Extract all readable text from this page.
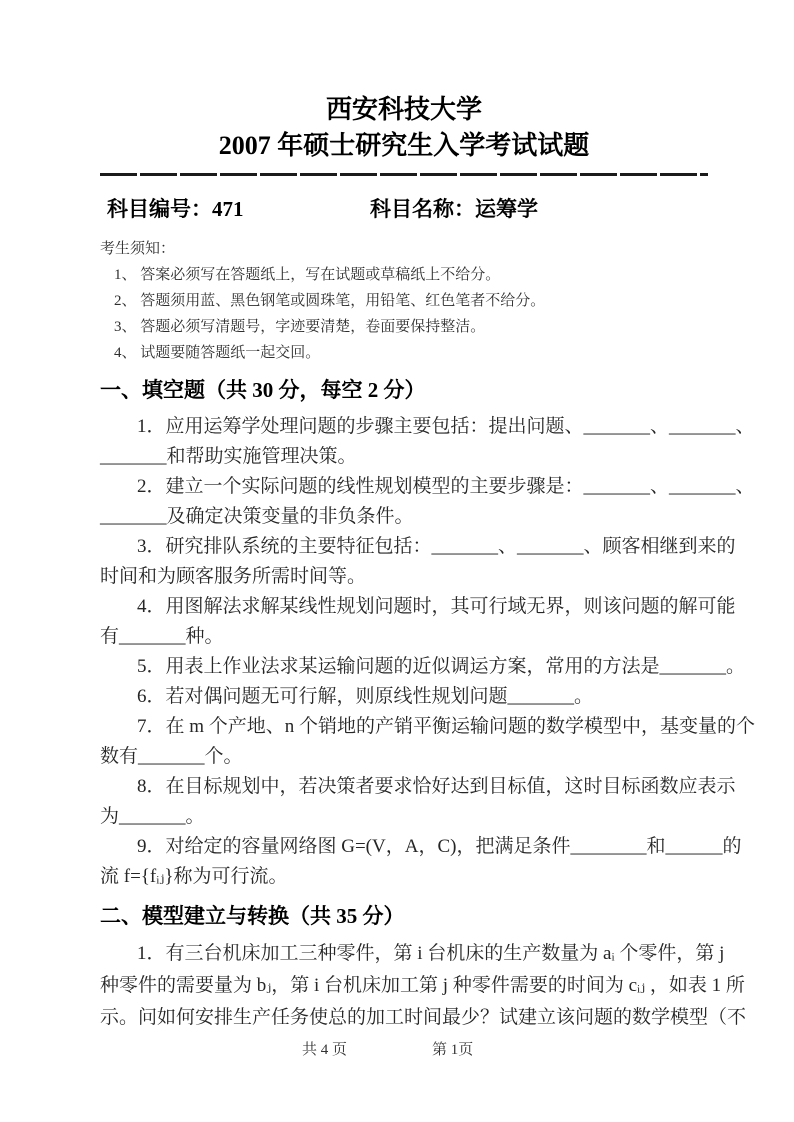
西安科技大学
2007 年硕士研究生入学考试试题
科目编号：471	科目名称：运筹学
考生须知：
1、 答案必须写在答题纸上，写在试题或草稿纸上不给分。
2、 答题须用蓝、黑色钢笔或圆珠笔，用铅笔、红色笔者不给分。
3、 答题必须写清题号，字迹要清楚，卷面要保持整洁。
4、 试题要随答题纸一起交回。
一、填空题（共 30 分，每空 2 分）
1．应用运筹学处理问题的步骤主要包括：提出问题、_______、_______、
_______和帮助实施管理决策。
2．建立一个实际问题的线性规划模型的主要步骤是：_______、_______、
_______及确定决策变量的非负条件。
3．研究排队系统的主要特征包括：_______、_______、顾客相继到来的
时间和为顾客服务所需时间等。
4．用图解法求解某线性规划问题时，其可行域无界，则该问题的解可能
有_______种。
5．用表上作业法求某运输问题的近似调运方案，常用的方法是_______。
6．若对偶问题无可行解，则原线性规划问题_______。
7．在 m 个产地、n 个销地的产销平衡运输问题的数学模型中，基变量的个
数有_______个。
8．在目标规划中，若决策者要求恰好达到目标值，这时目标函数应表示
为_______。
9．对给定的容量网络图 G=(V，A，C)，把满足条件________和______的
流 f={fᵢⱼ}称为可行流。
二、模型建立与转换（共 35 分）
1．有三台机床加工三种零件，第 i 台机床的生产数量为 aᵢ 个零件，第 j
种零件的需要量为 bⱼ，第 i 台机床加工第 j 种零件需要的时间为 cᵢⱼ ，如表 1 所
示。问如何安排生产任务使总的加工时间最少？试建立该问题的数学模型（不
共 4 页	第 1页
